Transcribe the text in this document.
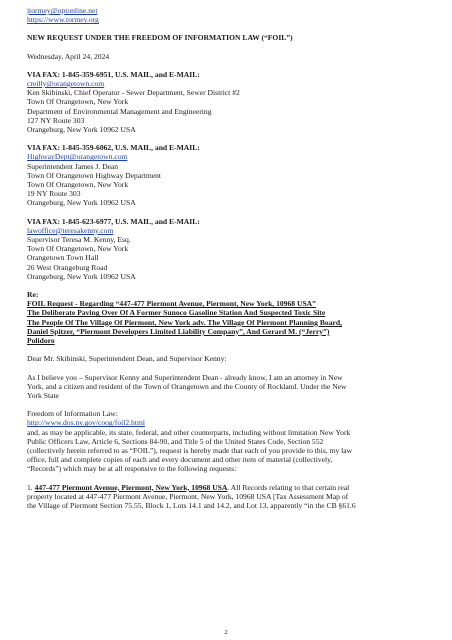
jtormey@optonline.net
https://www.tormey.org
NEW REQUEST UNDER THE FREEDOM OF INFORMATION LAW (“FOIL”)
Wednesday, April 24, 2024
VIA FAX: 1-845-359-6951, U.S. MAIL, and E-MAIL:
creilly@orangetown.com
Ken Skibinski, Chief Operator - Sewer Department, Sewer District #2
Town Of Orangetown, New York
Department of Environmental Management and Engineering
127 NY Route 303
Orangeburg, New York 10962 USA
VIA FAX: 1-845-359-6062, U.S. MAIL, and E-MAIL:
HighwayDept@orangetown.com
Superintendent James J. Dean
Town Of Orangetown Highway Department
Town Of Orangetown, New York
19 NY Route 303
Orangeburg, New York 10962 USA
VIA FAX: 1-845-623-6977, U.S. MAIL, and E-MAIL:
lawoffice@teresakenny.com
Supervisor Teresa M. Kenny, Esq.
Town Of Orangetown, New York
Orangetown Town Hall
26 West Orangeburg Road
Orangeburg, New York 10962 USA
Re:
FOIL Request - Regarding “447-477 Piermont Avenue, Piermont, New York, 10968 USA”
The Deliberate Paving Over Of A Former Sunoco Gasoline Station And Suspected Toxic Site
The People Of The Village Of Piermont, New York adv. The Village Of Piermont Planning Board,
Daniel Spitzer, “Piermont Developers Limited Liability Company”, And Gerard M. (“Jerry”)
Polidoro
Dear Mr. Skibinski, Superintendent Dean, and Supervisor Kenny:
As I believe you – Supervisor Kenny and Superintendent Dean - already know, I am an attorney in New
York, and a citizen and resident of the Town of Orangetown and the County of Rockland. Under the New
York State
Freedom of Information Law:
http://www.dos.ny.gov/coog/foil2.html
and, as may be applicable, its state, federal, and other counterparts, including without limitation New York
Public Officers Law, Article 6, Sections 84-90, and Title 5 of the United States Code, Section 552
(collectively herein referred to as “FOIL”), request is hereby made that each of you provide to this, my law
office, full and complete copies of each and every document and other item of material (collectively,
“Records”) which may be at all responsive to the following requests:
1. 447-477 Piermont Avenue, Piermont, New York, 10968 USA. All Records relating to that certain real
property located at 447-477 Piermont Avenue, Piermont, New York, 10968 USA [Tax Assessment Map of
the Village of Piermont Section 75.55, Block 1, Lots 14.1 and 14.2, and Lot 13, apparently “in the CB §61.6
2
